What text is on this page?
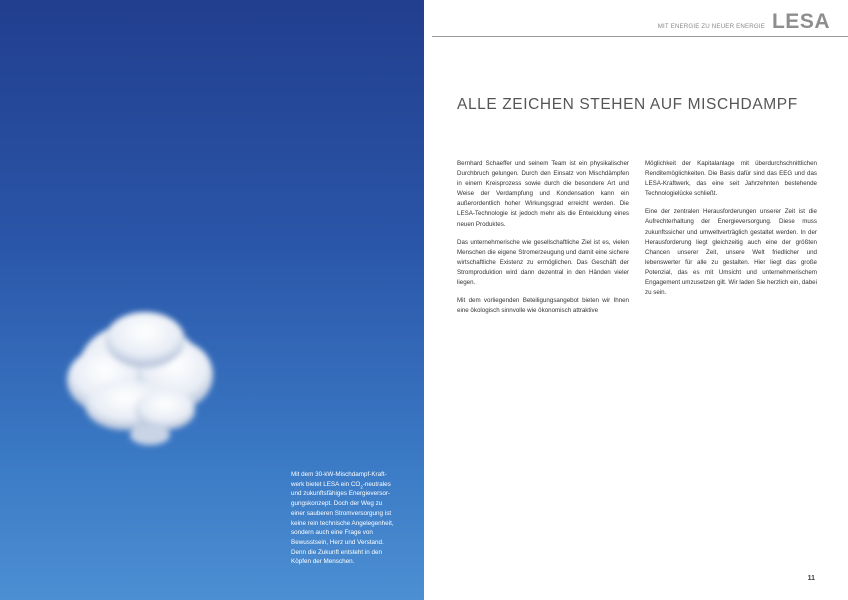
Mit dem 30-kW-Mischdampf-Kraft-

werk bietet LESA ein $CO_2$-neutrales

und zukunftsfähiges Energieversor-

gungskonzept. Doch der Weg zu

einer sauberen Stromversorgung ist

keine rein technische Angelegenheit,

sondern auch eine Frage von

Bewusstsein, Herz und Verstand.

Denn die Zukunft entsteht in den

Köpfen der Menschen.

MIT ENERGIE ZU NEUER ENERGIE LESA
ALLE ZEICHEN STEHEN AUF MISCHDAMPF

Bernhard Schaeffer und seinem Team ist ein physikalischer Durchbruch gelungen. Durch den Einsatz von Mischdämpfen in einem Kreisprozess sowie durch die besondere Art und Weise der Verdampfung und Kondensation kann ein außerordentlich hoher Wirkungsgrad erreicht werden. Die LESA-Technologie ist jedoch mehr als die Entwicklung eines neuen Produktes.

Das unternehmerische wie gesellschaftliche Ziel ist es, vielen Menschen die eigene Stromerzeugung und damit eine sichere wirtschaftliche Existenz zu ermöglichen. Das Geschäft der Stromproduktion wird dann dezentral in den Händen vieler liegen.

Mit dem vorliegenden Beteiligungsangebot bieten wir Ihnen eine ökologisch sinnvolle wie ökonomisch attraktive

Möglichkeit der Kapitalanlage mit überdurchschnittlichen Renditemöglichkeiten. Die Basis dafür sind das EEG und das LESA-Kraftwerk, das eine seit Jahrzehnten bestehende Technologielücke schließt.

Eine der zentralen Herausforderungen unserer Zeit ist die Aufrechterhaltung der Energieversorgung. Diese muss zukunftssicher und umweltverträglich gestaltet werden. In der Herausforderung liegt gleichzeitig auch eine der größten Chancen unserer Zeit, unsere Welt friedlicher und lebenswerter für alle zu gestalten. Hier liegt das große Potenzial, das es mit Umsicht und unternehmerischem Engagement umzusetzen gilt. Wir laden Sie herzlich ein, dabei zu sein.

11
